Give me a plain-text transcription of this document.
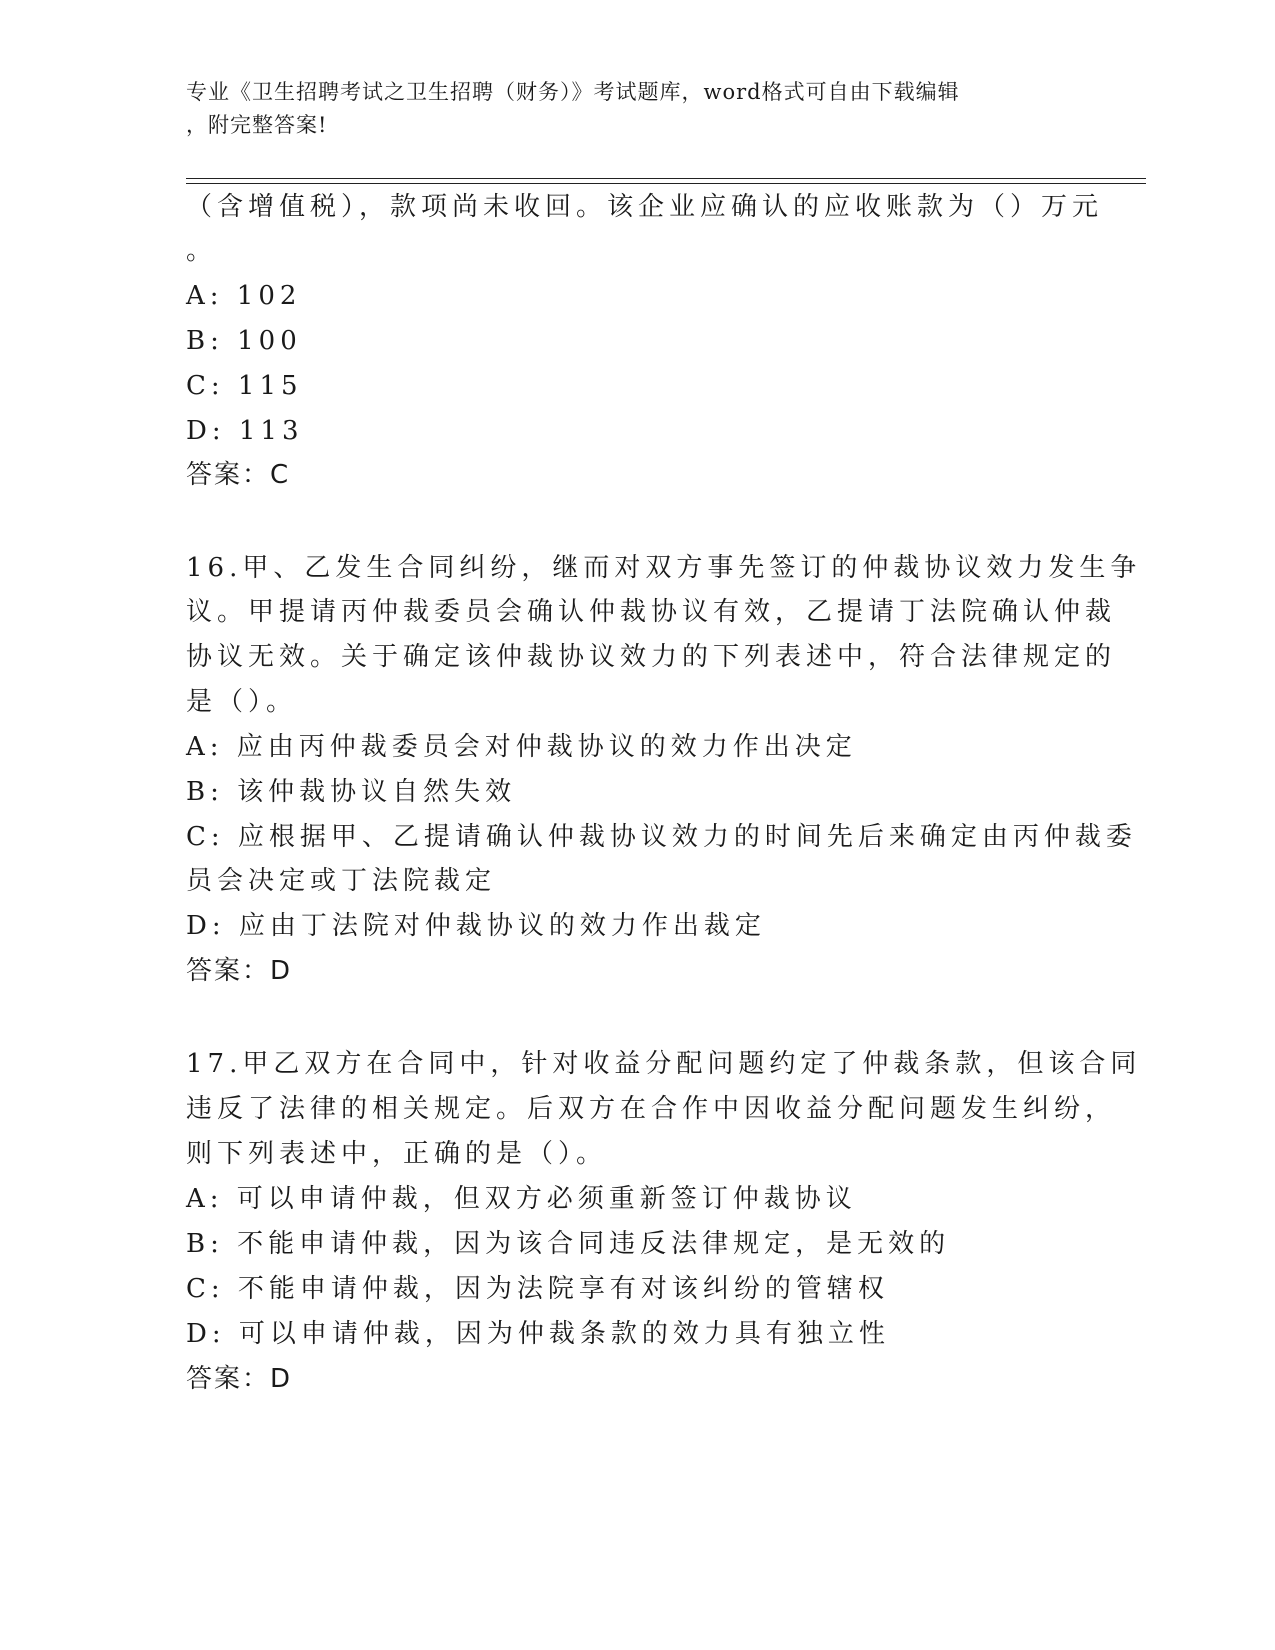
专业《卫生招聘考试之卫生招聘（财务）》考试题库，word格式可自由下载编辑
，附完整答案!
（含增值税），款项尚未收回。该企业应确认的应收账款为（）万元
。
A: 102
B: 100
C: 115
D: 113
答案：C
16.甲、乙发生合同纠纷，继而对双方事先签订的仲裁协议效力发生争
议。甲提请丙仲裁委员会确认仲裁协议有效，乙提请丁法院确认仲裁
协议无效。关于确定该仲裁协议效力的下列表述中，符合法律规定的
是（）。
A: 应由丙仲裁委员会对仲裁协议的效力作出决定
B: 该仲裁协议自然失效
C: 应根据甲、乙提请确认仲裁协议效力的时间先后来确定由丙仲裁委
员会决定或丁法院裁定
D: 应由丁法院对仲裁协议的效力作出裁定
答案：D
17.甲乙双方在合同中，针对收益分配问题约定了仲裁条款，但该合同
违反了法律的相关规定。后双方在合作中因收益分配问题发生纠纷，
则下列表述中，正确的是（）。
A: 可以申请仲裁，但双方必须重新签订仲裁协议
B: 不能申请仲裁，因为该合同违反法律规定，是无效的
C: 不能申请仲裁，因为法院享有对该纠纷的管辖权
D: 可以申请仲裁，因为仲裁条款的效力具有独立性
答案：D
